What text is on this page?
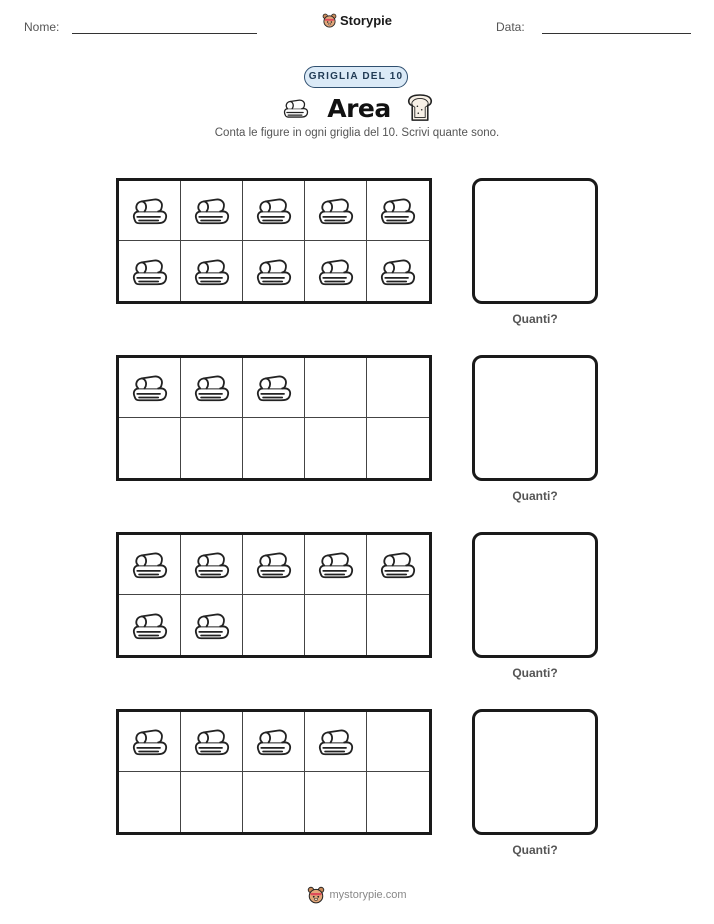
Nome:	Storypie	Data:
GRIGLIA DEL 10
Area
Conta le figure in ogni griglia del 10. Scrivi quante sono.
Quanti?
Quanti?
Quanti?
Quanti?
mystorypie.com
